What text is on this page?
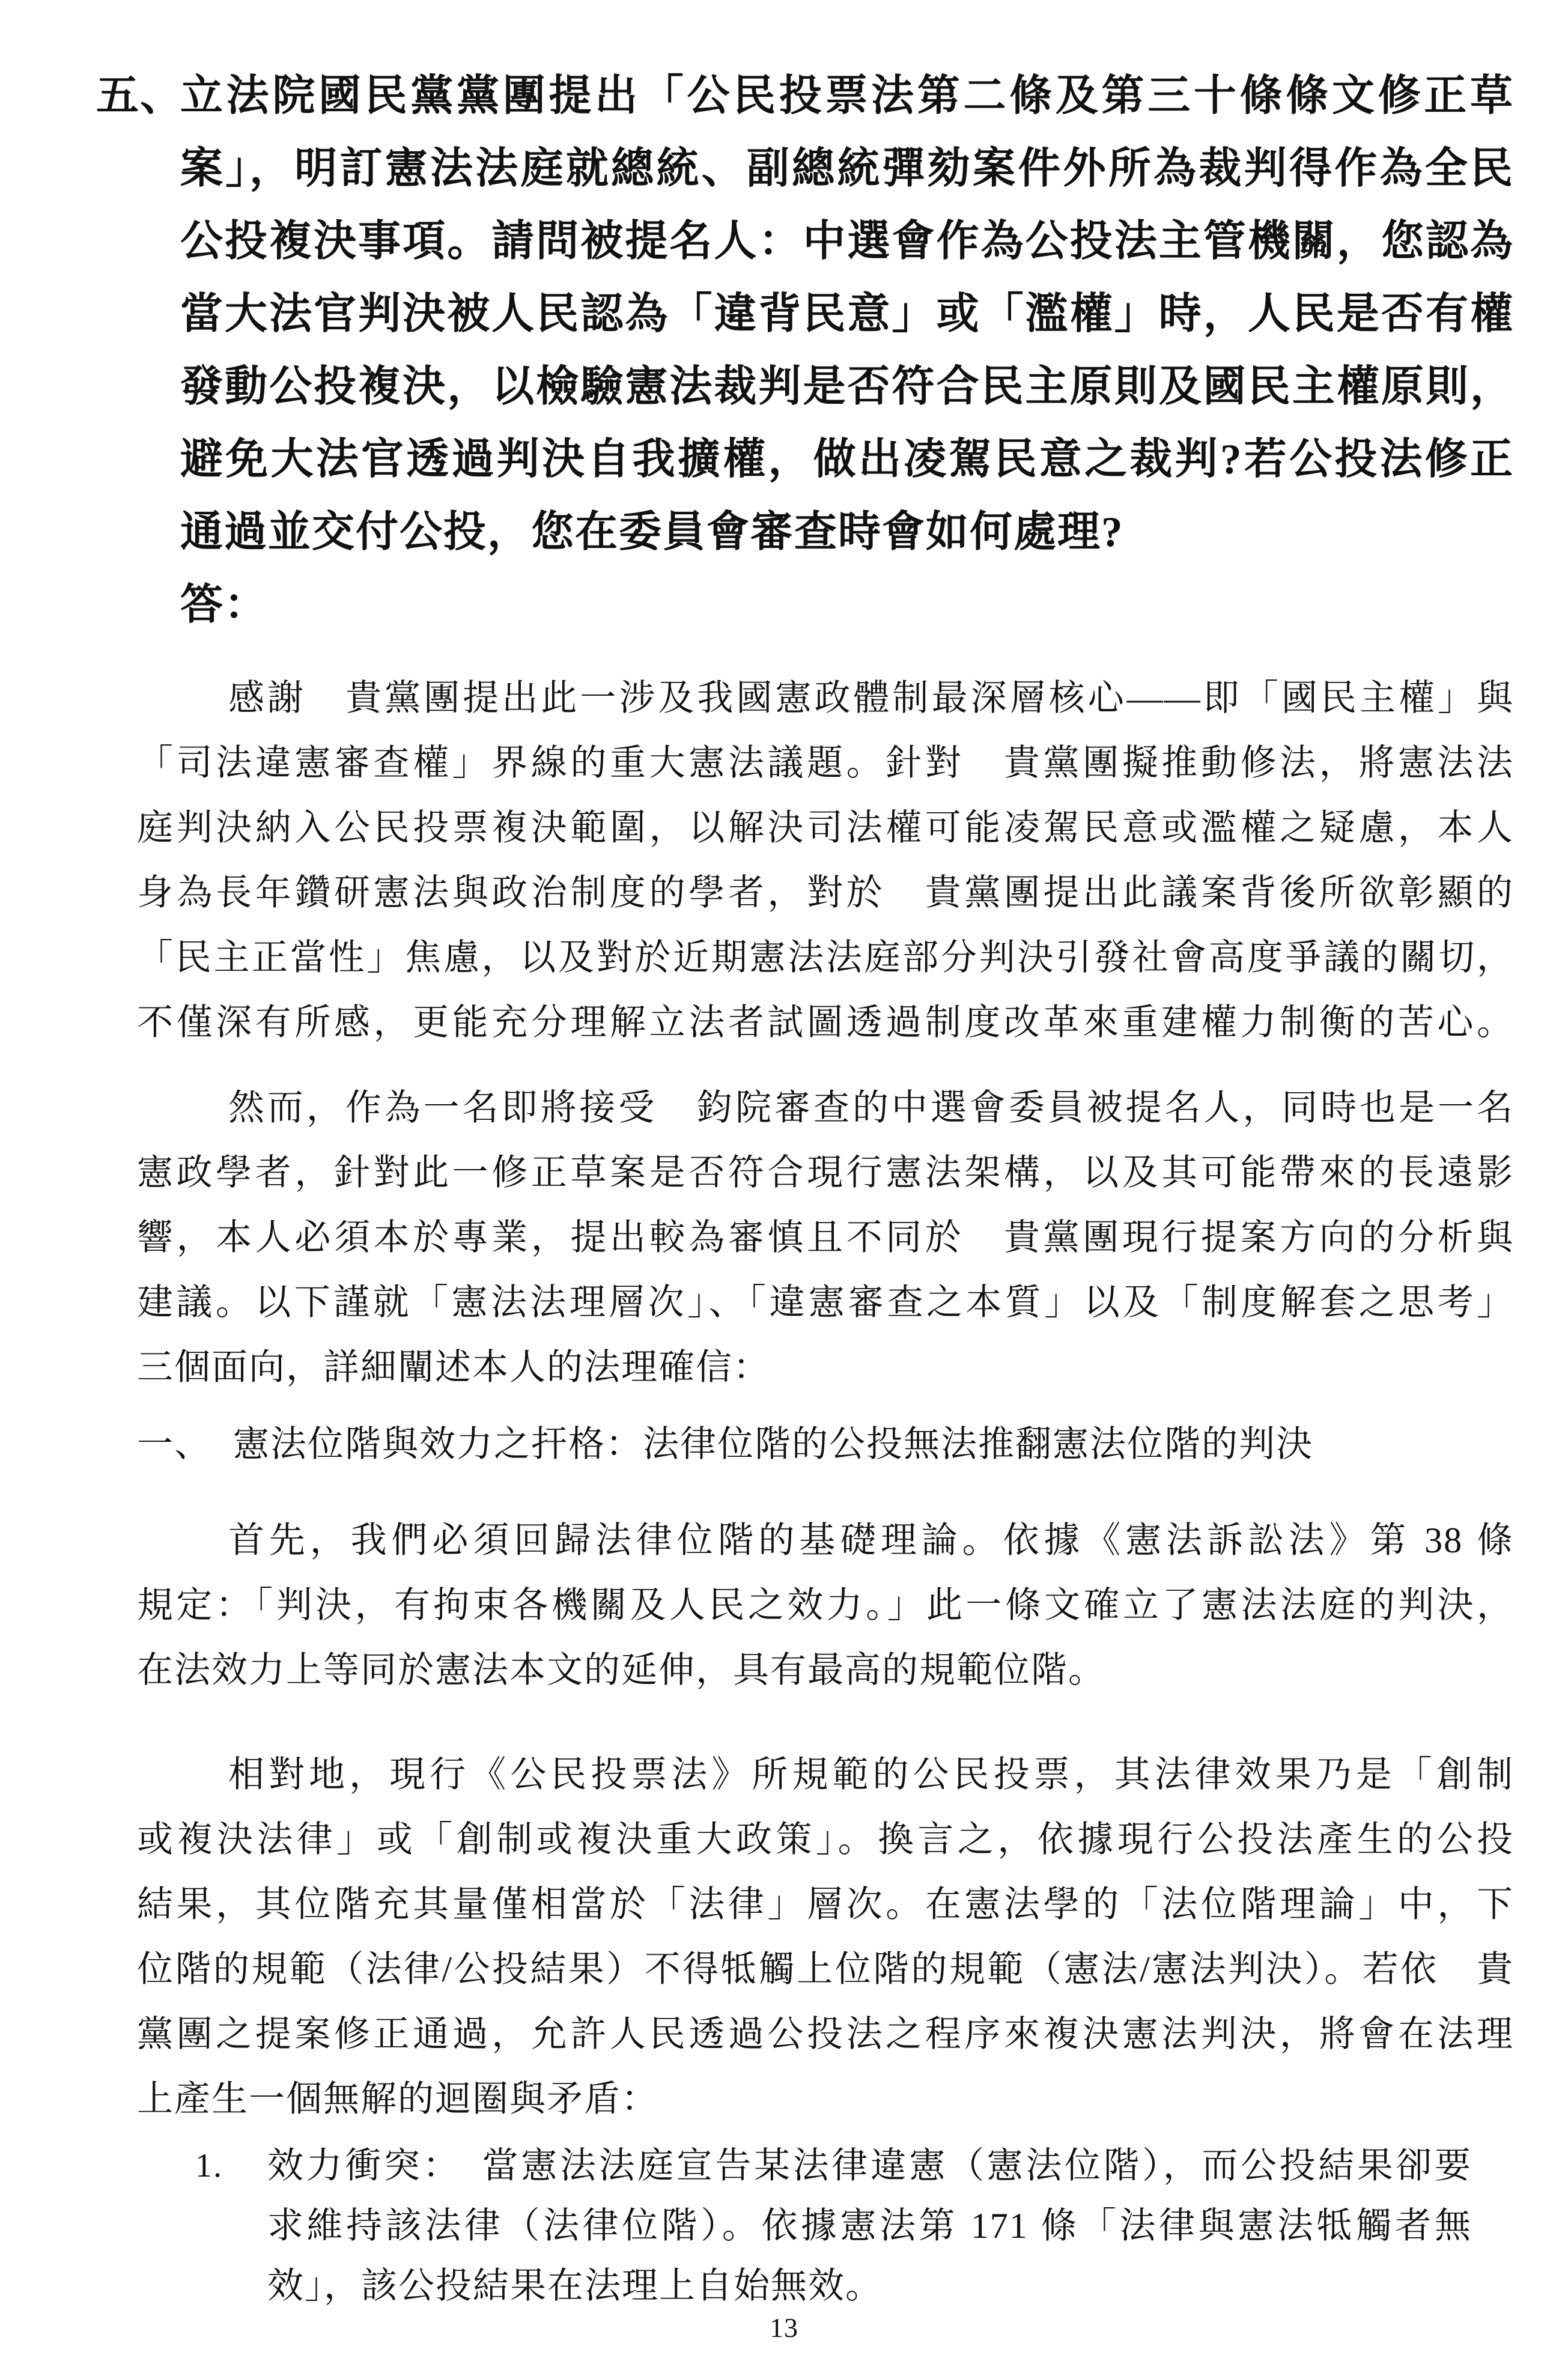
五、
立法院國民黨黨團提出「公民投票法第二條及第三十條條文修正草
案」，明訂憲法法庭就總統、副總統彈劾案件外所為裁判得作為全民
公投複決事項。請問被提名人：中選會作為公投法主管機關，您認為
當大法官判決被人民認為「違背民意」或「濫權」時，人民是否有權
發動公投複決，以檢驗憲法裁判是否符合民主原則及國民主權原則，
避免大法官透過判決自我擴權，做出凌駕民意之裁判?若公投法修正
通過並交付公投，您在委員會審查時會如何處理?
答：
感謝　貴黨團提出此一涉及我國憲政體制最深層核心——即「國民主權」與
「司法違憲審查權」界線的重大憲法議題。針對　貴黨團擬推動修法，將憲法法
庭判決納入公民投票複決範圍，以解決司法權可能凌駕民意或濫權之疑慮，本人
身為長年鑽研憲法與政治制度的學者，對於　貴黨團提出此議案背後所欲彰顯的
「民主正當性」焦慮，以及對於近期憲法法庭部分判決引發社會高度爭議的關切，
不僅深有所感，更能充分理解立法者試圖透過制度改革來重建權力制衡的苦心。
然而，作為一名即將接受　鈞院審查的中選會委員被提名人，同時也是一名
憲政學者，針對此一修正草案是否符合現行憲法架構，以及其可能帶來的長遠影
響，本人必須本於專業，提出較為審慎且不同於　貴黨團現行提案方向的分析與
建議。以下謹就「憲法法理層次」、「違憲審查之本質」以及「制度解套之思考」
三個面向，詳細闡述本人的法理確信：
一、 憲法位階與效力之扞格：法律位階的公投無法推翻憲法位階的判決
首先，我們必須回歸法律位階的基礎理論。依據《憲法訴訟法》第 38 條
規定：「判決，有拘束各機關及人民之效力。」此一條文確立了憲法法庭的判決，
在法效力上等同於憲法本文的延伸，具有最高的規範位階。
相對地，現行《公民投票法》所規範的公民投票，其法律效果乃是「創制
或複決法律」或「創制或複決重大政策」。換言之，依據現行公投法產生的公投
結果，其位階充其量僅相當於「法律」層次。在憲法學的「法位階理論」中，下
位階的規範（法律/公投結果）不得牴觸上位階的規範（憲法/憲法判決）。若依　貴
黨團之提案修正通過，允許人民透過公投法之程序來複決憲法判決，將會在法理
上產生一個無解的迴圈與矛盾：
1. 效力衝突：　當憲法法庭宣告某法律違憲（憲法位階），而公投結果卻要
求維持該法律（法律位階）。依據憲法第 171 條「法律與憲法牴觸者無
效」，該公投結果在法理上自始無效。
13
